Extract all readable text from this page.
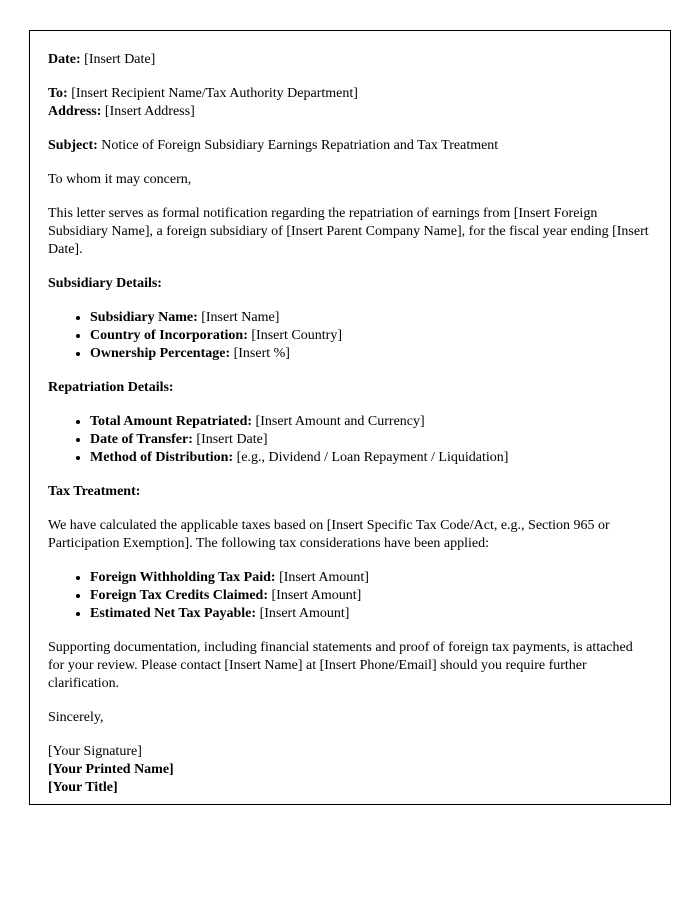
Date: [Insert Date]

To: [Insert Recipient Name/Tax Authority Department]
Address: [Insert Address]

Subject: Notice of Foreign Subsidiary Earnings Repatriation and Tax Treatment

To whom it may concern,

This letter serves as formal notification regarding the repatriation of earnings from [Insert Foreign Subsidiary Name], a foreign subsidiary of [Insert Parent Company Name], for the fiscal year ending [Insert Date].

Subsidiary Details:

• Subsidiary Name: [Insert Name]
• Country of Incorporation: [Insert Country]
• Ownership Percentage: [Insert %]

Repatriation Details:

• Total Amount Repatriated: [Insert Amount and Currency]
• Date of Transfer: [Insert Date]
• Method of Distribution: [e.g., Dividend / Loan Repayment / Liquidation]

Tax Treatment:

We have calculated the applicable taxes based on [Insert Specific Tax Code/Act, e.g., Section 965 or Participation Exemption]. The following tax considerations have been applied:

• Foreign Withholding Tax Paid: [Insert Amount]
• Foreign Tax Credits Claimed: [Insert Amount]
• Estimated Net Tax Payable: [Insert Amount]

Supporting documentation, including financial statements and proof of foreign tax payments, is attached for your review. Please contact [Insert Name] at [Insert Phone/Email] should you require further clarification.

Sincerely,

[Your Signature]
[Your Printed Name]
[Your Title]
